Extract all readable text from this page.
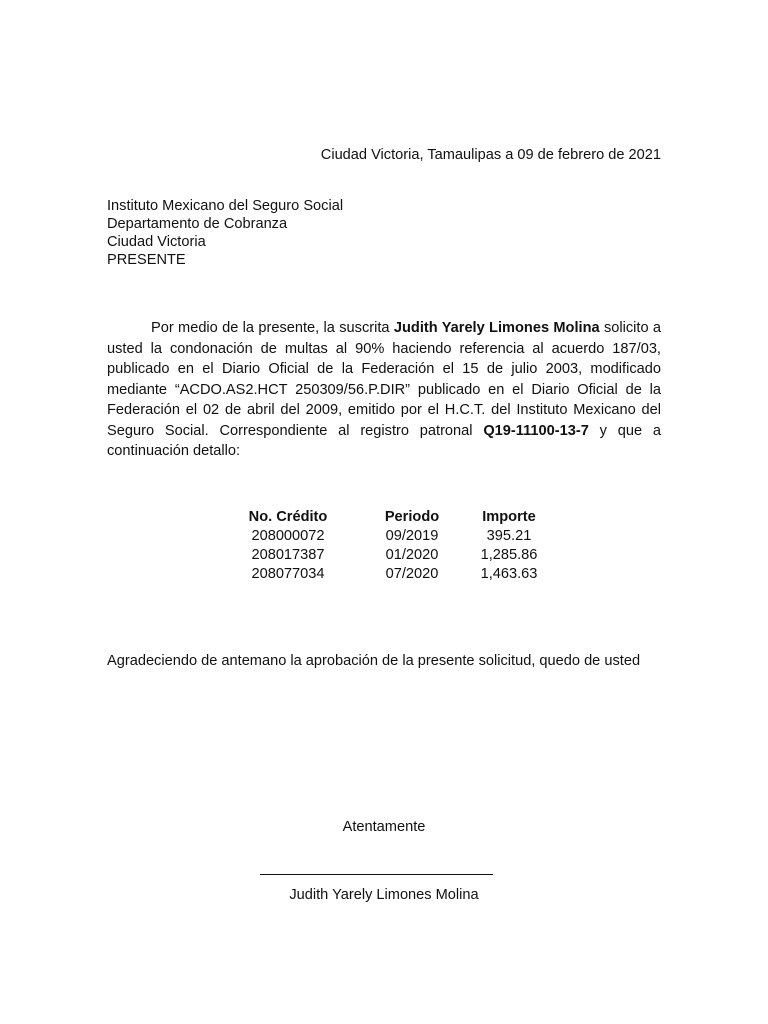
Ciudad Victoria, Tamaulipas a 09 de febrero de 2021
Instituto Mexicano del Seguro Social
Departamento de Cobranza
Ciudad Victoria
PRESENTE
Por medio de la presente, la suscrita Judith Yarely Limones Molina solicito a usted la condonación de multas al 90% haciendo referencia al acuerdo 187/03, publicado en el Diario Oficial de la Federación el 15 de julio 2003, modificado mediante “ACDO.AS2.HCT 250309/56.P.DIR” publicado en el Diario Oficial de la Federación el 02 de abril del 2009, emitido por el H.C.T. del Instituto Mexicano del Seguro Social. Correspondiente al registro patronal Q19-11100-13-7 y que a continuación detallo:
No. Crédito	Periodo	Importe
208000072	09/2019	395.21
208017387	01/2020	1,285.86
208077034	07/2020	1,463.63
Agradeciendo de antemano la aprobación de la presente solicitud, quedo de usted
Atentamente
Judith Yarely Limones Molina
